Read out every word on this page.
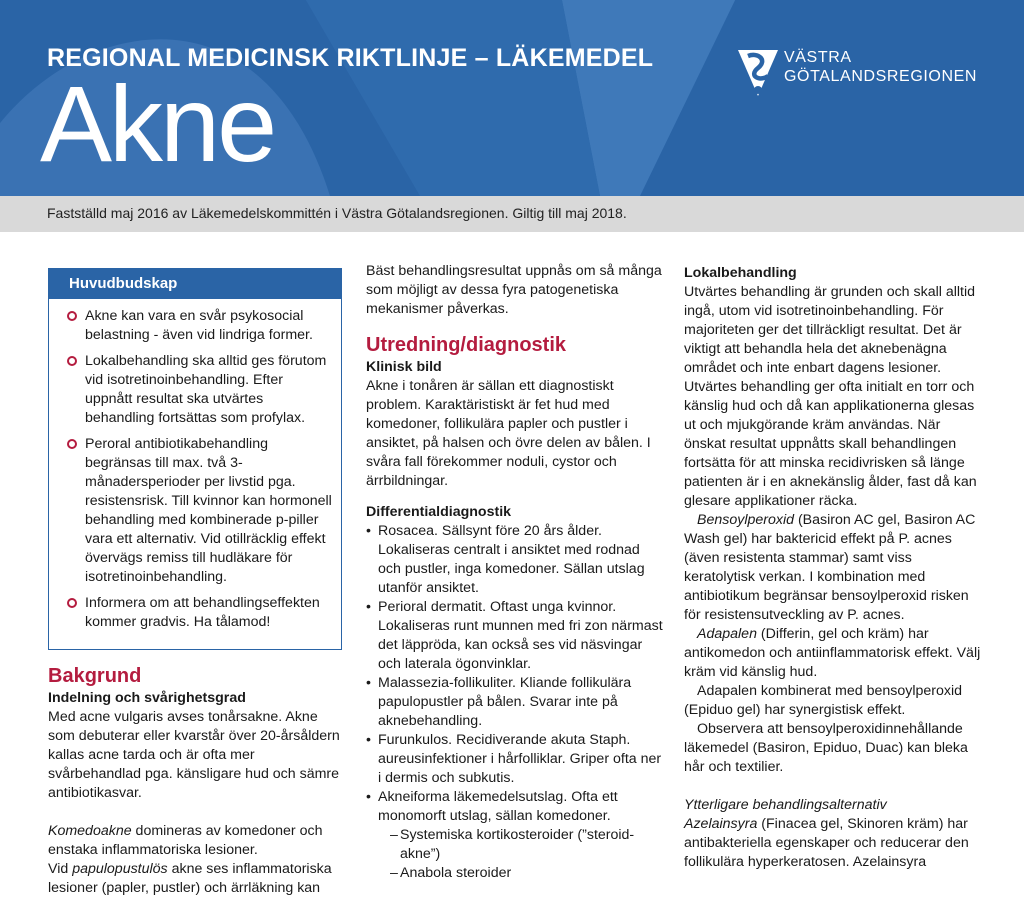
REGIONAL MEDICINSK RIKTLINJE – LÄKEMEDEL
Akne
VÄSTRA
GÖTALANDSREGIONEN
Fastställd maj 2016 av Läkemedelskommittén i Västra Götalandsregionen. Giltig till maj 2018.
Huvudbudskap
Akne kan vara en svår psykosocial belastning - även vid lindriga former.
Lokalbehandling ska alltid ges förutom vid isotretinoinbehandling. Efter uppnått resultat ska utvärtes behandling fortsättas som profylax.
Peroral antibiotikabehandling begränsas till max. två 3-månadersperioder per livstid pga. resistensrisk. Till kvinnor kan hormonell behandling med kombinerade p-piller vara ett alternativ. Vid otillräcklig effekt övervägs remiss till hudläkare för isotretinoinbehandling.
Informera om att behandlingseffekten kommer gradvis. Ha tålamod!
Bakgrund

Indelning och svårighetsgrad

Med acne vulgaris avses tonårsakne. Akne som debuterar eller kvarstår över 20-årsåldern kallas acne tarda och är ofta mer svårbehandlad pga. känsligare hud och sämre antibiotikasvar.

Komedoakne domineras av komedoner och enstaka inflammatoriska lesioner.

Vid papulopustulös akne ses inflammatoriska lesioner (papler, pustler) och ärrläkning kan

Bäst behandlingsresultat uppnås om så många som möjligt av dessa fyra patogenetiska mekanismer påverkas.

Utredning/diagnostik

Klinisk bild

Akne i tonåren är sällan ett diagnostiskt problem. Karaktäristiskt är fet hud med komedoner, follikulära papler och pustler i ansiktet, på halsen och övre delen av bålen. I svåra fall förekommer noduli, cystor och ärrbildningar.

Differentialdiagnostik

• Rosacea. Sällsynt före 20 års ålder. Lokaliseras centralt i ansiktet med rodnad och pustler, inga komedoner. Sällan utslag utanför ansiktet.
• Perioral dermatit. Oftast unga kvinnor. Lokaliseras runt munnen med fri zon närmast det läppröda, kan också ses vid näsvingar och laterala ögonvinklar.
• Malassezia-follikuliter. Kliande follikulära papulopustler på bålen. Svarar inte på aknebehandling.
• Furunkulos. Recidiverande akuta Staph. aureusinfektioner i hårfolliklar. Griper ofta ner i dermis och subkutis.
• Akneiforma läkemedelsutslag. Ofta ett monomorft utslag, sällan komedoner.
– Systemiska kortikosteroider (”steroid-akne”)
– Anabola steroider

Lokalbehandling

Utvärtes behandling är grunden och skall alltid ingå, utom vid isotretinoinbehandling. För majoriteten ger det tillräckligt resultat. Det är viktigt att behandla hela det aknebenägna området och inte enbart dagens lesioner. Utvärtes behandling ger ofta initialt en torr och känslig hud och då kan applikationerna glesas ut och mjukgörande kräm användas. När önskat resultat uppnåtts skall behandlingen fortsätta för att minska recidivrisken så länge patienten är i en aknekänslig ålder, fast då kan glesare applikationer räcka.

Bensoylperoxid (Basiron AC gel, Basiron AC Wash gel) har baktericid effekt på P. acnes (även resistenta stammar) samt viss keratolytisk verkan. I kombination med antibiotikum begränsar bensoylperoxid risken för resistensutveckling av P. acnes.

Adapalen (Differin, gel och kräm) har antikomedon och antiinflammatorisk effekt. Välj kräm vid känslig hud.

Adapalen kombinerat med bensoylperoxid (Epiduo gel) har synergistisk effekt.

Observera att bensoylperoxidinnehållande läkemedel (Basiron, Epiduo, Duac) kan bleka hår och textilier.

Ytterligare behandlingsalternativ

Azelainsyra (Finacea gel, Skinoren kräm) har antibakteriella egenskaper och reducerar den follikulära hyperkeratosen. Azelainsyra
